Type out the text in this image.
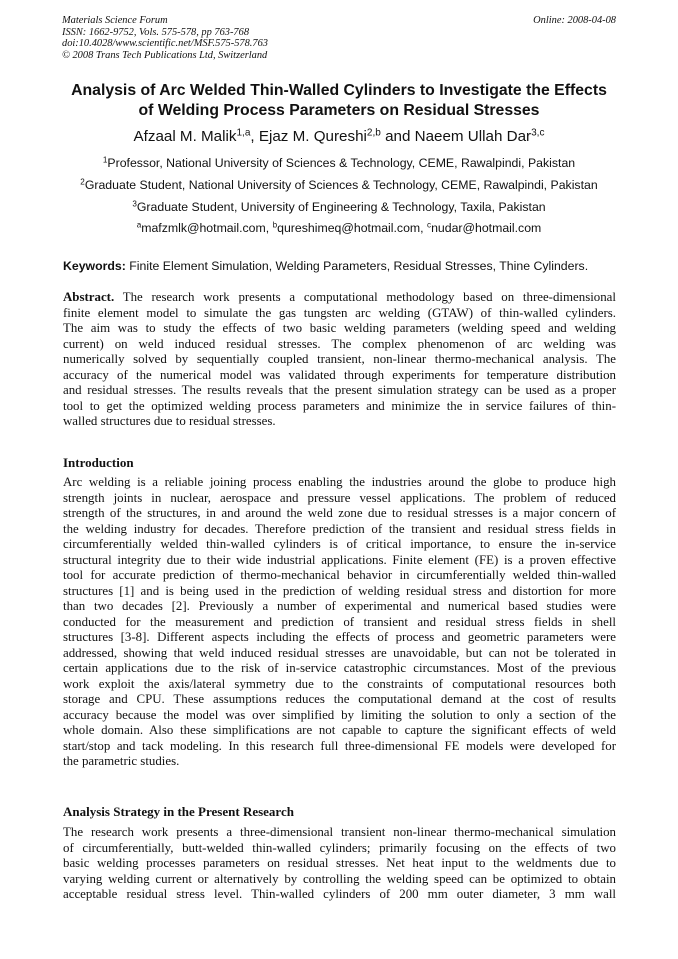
Materials Science Forum
ISSN: 1662-9752, Vols. 575-578, pp 763-768
doi:10.4028/www.scientific.net/MSF.575-578.763
© 2008 Trans Tech Publications Ltd, Switzerland
Online: 2008-04-08
Analysis of Arc Welded Thin-Walled Cylinders to Investigate the Effects
of Welding Process Parameters on Residual Stresses
Afzaal M. Malik$^{1,a}$, Ejaz M. Qureshi$^{2,b}$ and Naeem Ullah Dar$^{3,c}$
$^1$Professor, National University of Sciences & Technology, CEME, Rawalpindi, Pakistan
$^2$Graduate Student, National University of Sciences & Technology, CEME, Rawalpindi, Pakistan
$^3$Graduate Student, University of Engineering & Technology, Taxila, Pakistan
$^a$mafzmlk@hotmail.com, $^b$qureshimeq@hotmail.com, $^c$nudar@hotmail.com
Keywords: Finite Element Simulation, Welding Parameters, Residual Stresses, Thine Cylinders.
Abstract. The research work presents a computational methodology based on three-dimensional
finite element model to simulate the gas tungsten arc welding (GTAW) of thin-walled cylinders.
The aim was to study the effects of two basic welding parameters (welding speed and welding
current) on weld induced residual stresses. The complex phenomenon of arc welding was
numerically solved by sequentially coupled transient, non-linear thermo-mechanical analysis. The
accuracy of the numerical model was validated through experiments for temperature distribution
and residual stresses. The results reveals that the present simulation strategy can be used as a proper
tool to get the optimized welding process parameters and minimize the in service failures of thin-
walled structures due to residual stresses.
Introduction
Arc welding is a reliable joining process enabling the industries around the globe to produce high
strength joints in nuclear, aerospace and pressure vessel applications. The problem of reduced
strength of the structures, in and around the weld zone due to residual stresses is a major concern of
the welding industry for decades. Therefore prediction of the transient and residual stress fields in
circumferentially welded thin-walled cylinders is of critical importance, to ensure the in-service
structural integrity due to their wide industrial applications. Finite element (FE) is a proven effective
tool for accurate prediction of thermo-mechanical behavior in circumferentially welded thin-walled
structures [1] and is being used in the prediction of welding residual stress and distortion for more
than two decades [2]. Previously a number of experimental and numerical based studies were
conducted for the measurement and prediction of transient and residual stress fields in shell
structures [3-8]. Different aspects including the effects of process and geometric parameters were
addressed, showing that weld induced residual stresses are unavoidable, but can not be tolerated in
certain applications due to the risk of in-service catastrophic circumstances. Most of the previous
work exploit the axis/lateral symmetry due to the constraints of computational resources both
storage and CPU. These assumptions reduces the computational demand at the cost of results
accuracy because the model was over simplified by limiting the solution to only a section of the
whole domain. Also these simplifications are not capable to capture the significant effects of weld
start/stop and tack modeling. In this research full three-dimensional FE models were developed for
the parametric studies.
Analysis Strategy in the Present Research
The research work presents a three-dimensional transient non-linear thermo-mechanical simulation
of circumferentially, butt-welded thin-walled cylinders; primarily focusing on the effects of two
basic welding processes parameters on residual stresses. Net heat input to the weldments due to
varying welding current or alternatively by controlling the welding speed can be optimized to obtain
acceptable residual stress level. Thin-walled cylinders of 200 mm outer diameter, 3 mm wall
